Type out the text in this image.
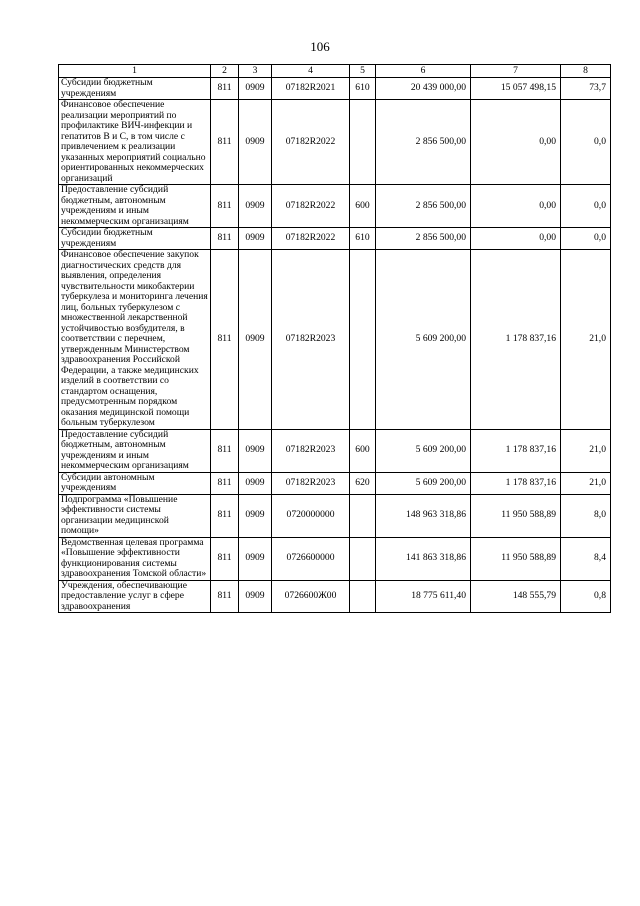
106
1	2	3	4	5	6	7	8
Субсидии бюджетным учреждениям	811	0909	07182R2021	610	20 439 000,00	15 057 498,15	73,7
Финансовое обеспечение реализации мероприятий по профилактике ВИЧ-инфекции и гепатитов В и С, в том числе с привлечением к реализации указанных мероприятий социально ориентированных некоммерческих организаций	811	0909	07182R2022		2 856 500,00	0,00	0,0
Предоставление субсидий бюджетным, автономным учреждениям и иным некоммерческим организациям	811	0909	07182R2022	600	2 856 500,00	0,00	0,0
Субсидии бюджетным учреждениям	811	0909	07182R2022	610	2 856 500,00	0,00	0,0
Финансовое обеспечение закупок диагностических средств для выявления, определения чувствительности микобактерии туберкулеза и мониторинга лечения лиц, больных туберкулезом с множественной лекарственной устойчивостью возбудителя, в соответствии с перечнем, утвержденным Министерством здравоохранения Российской Федерации, а также медицинских изделий в соответствии со стандартом оснащения, предусмотренным порядком оказания медицинской помощи больным туберкулезом	811	0909	07182R2023		5 609 200,00	1 178 837,16	21,0
Предоставление субсидий бюджетным, автономным учреждениям и иным некоммерческим организациям	811	0909	07182R2023	600	5 609 200,00	1 178 837,16	21,0
Субсидии автономным учреждениям	811	0909	07182R2023	620	5 609 200,00	1 178 837,16	21,0
Подпрограмма «Повышение эффективности системы организации медицинской помощи»	811	0909	0720000000		148 963 318,86	11 950 588,89	8,0
Ведомственная целевая программа «Повышение эффективности функционирования системы здравоохранения Томской области»	811	0909	0726600000		141 863 318,86	11 950 588,89	8,4
Учреждения, обеспечивающие предоставление услуг в сфере здравоохранения	811	0909	0726600Ж00		18 775 611,40	148 555,79	0,8
